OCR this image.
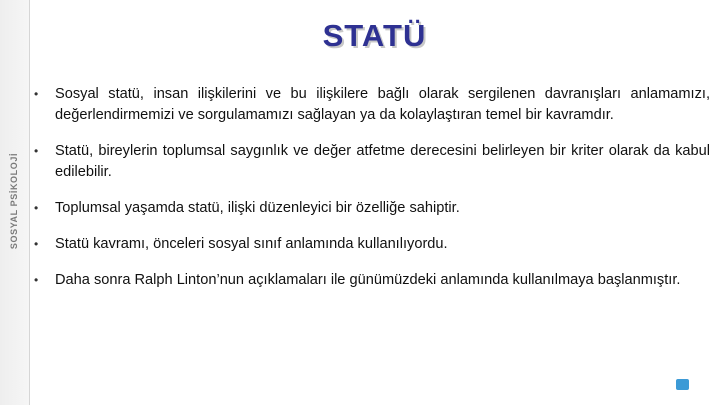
SOSYAL PSİKOLOJİ
STATÜ
• Sosyal statü, insan ilişkilerini ve bu ilişkilere bağlı olarak sergilenen davranışları anlamamızı, değerlendirmemizi ve sorgulamamızı sağlayan ya da kolaylaştıran temel bir kavramdır.
• Statü, bireylerin toplumsal saygınlık ve değer atfetme derecesini belirleyen bir kriter olarak da kabul edilebilir.
• Toplumsal yaşamda statü, ilişki düzenleyici bir özelliğe sahiptir.
• Statü kavramı, önceleri sosyal sınıf anlamında kullanılıyordu.
• Daha sonra Ralph Linton’nun açıklamaları ile günümüzdeki anlamında kullanılmaya başlanmıştır.
